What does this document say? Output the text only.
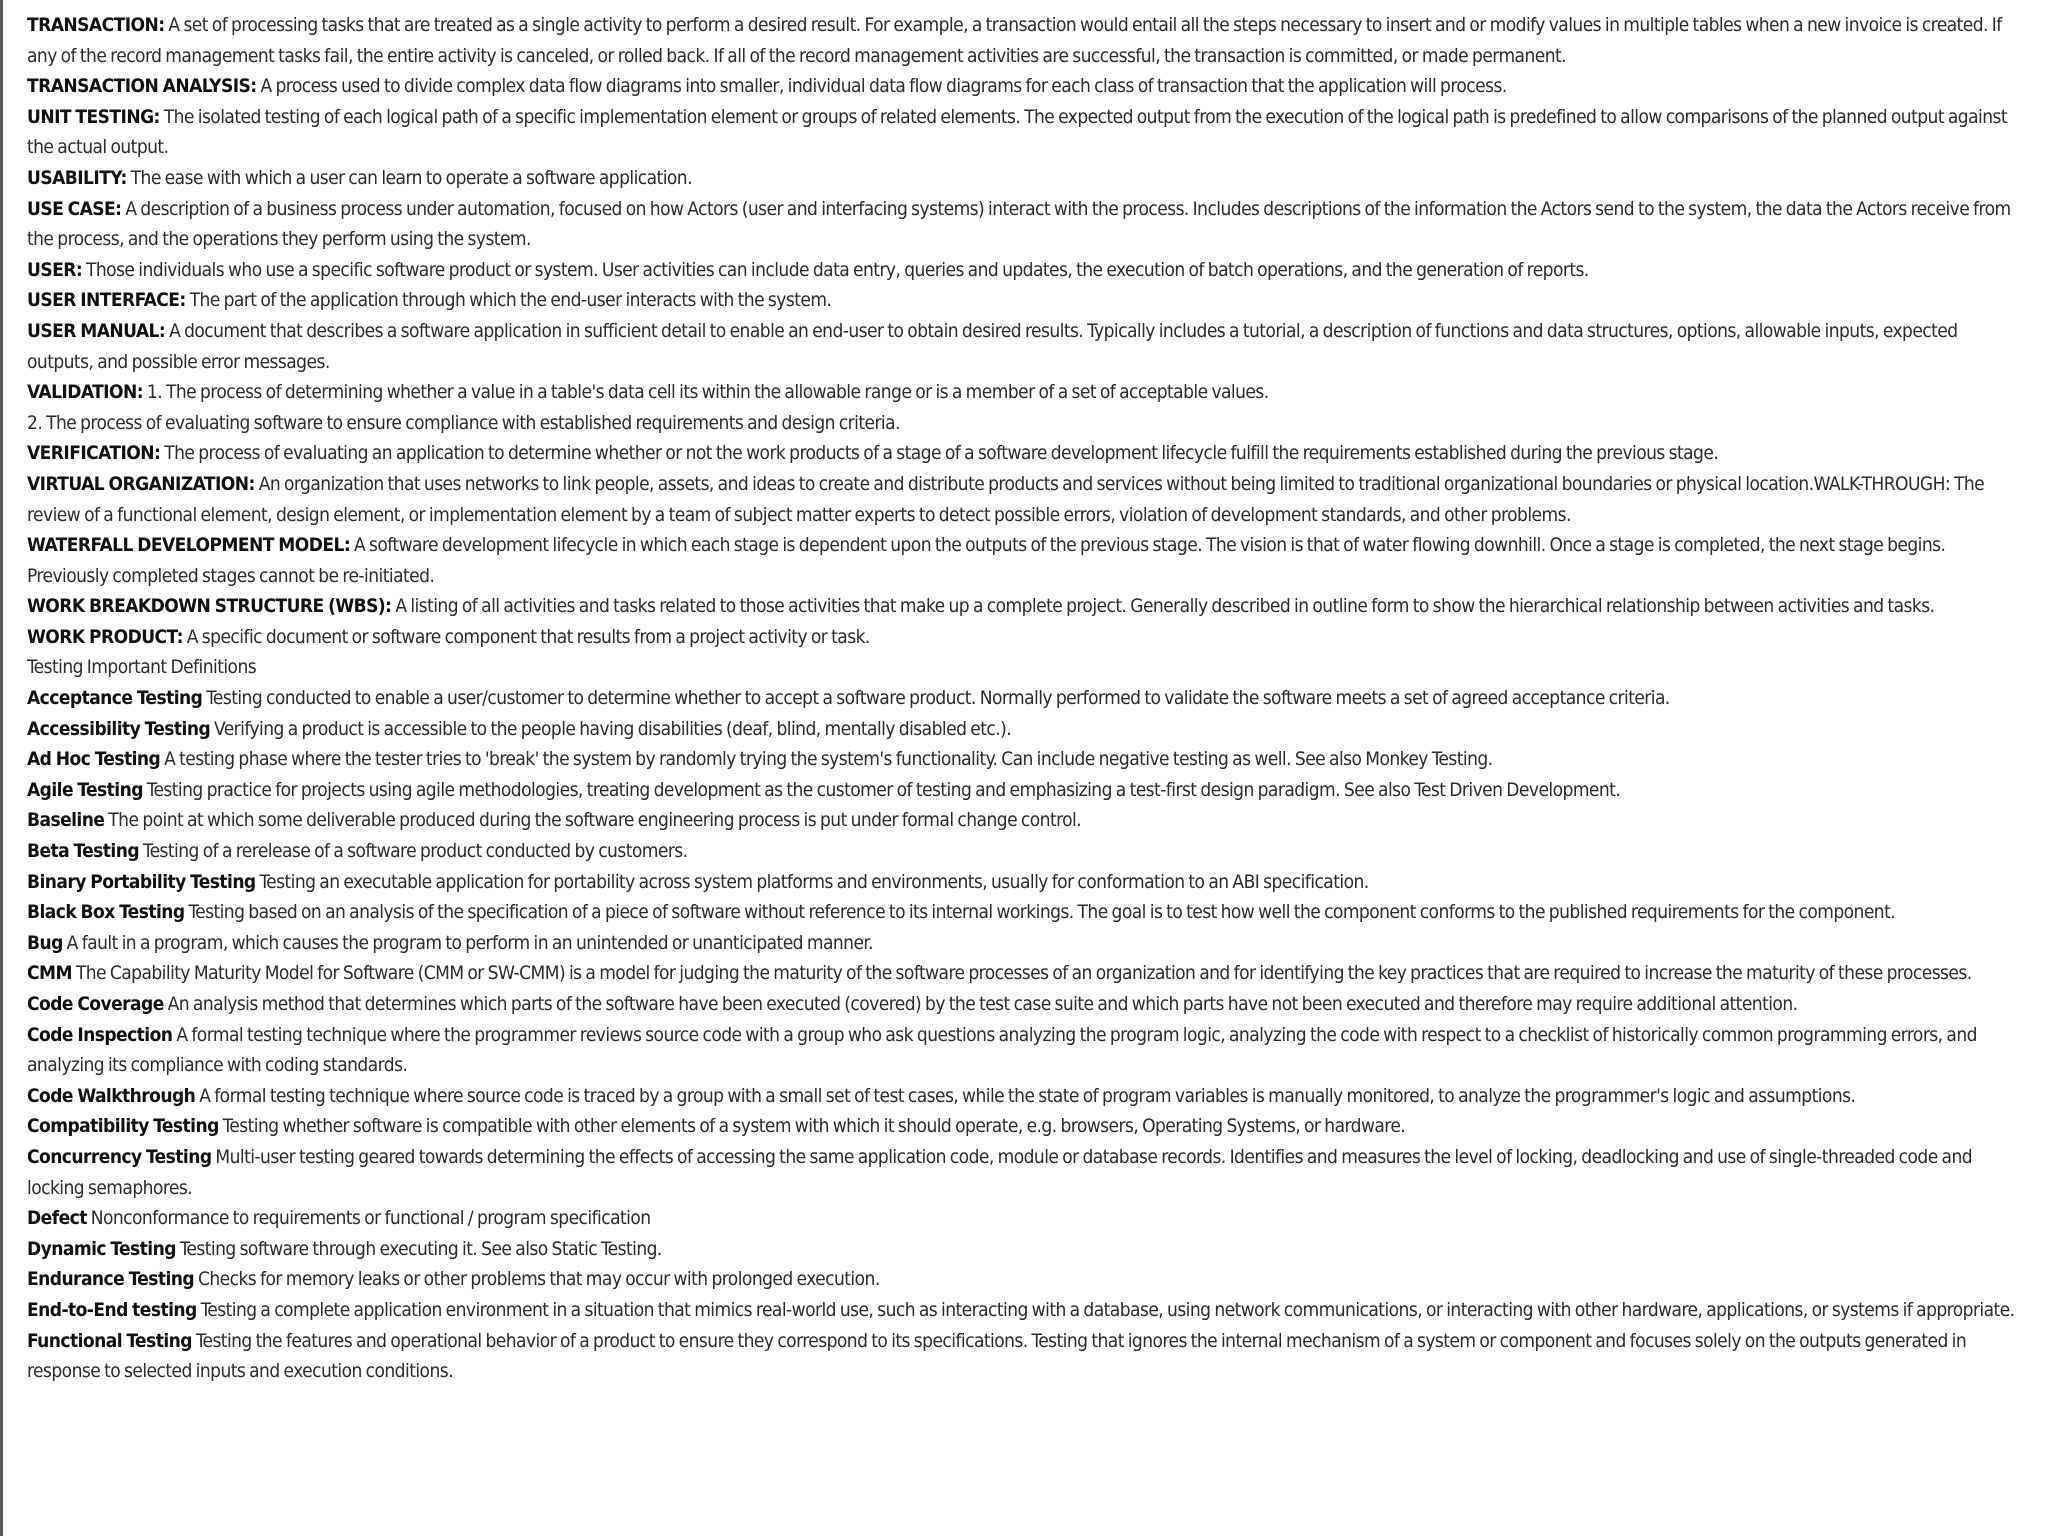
TRANSACTION: A set of processing tasks that are treated as a single activity to perform a desired result. For example, a transaction would entail all the steps necessary to insert and or modify values in multiple tables when a new invoice is created. If any of the record management tasks fail, the entire activity is canceled, or rolled back. If all of the record management activities are successful, the transaction is committed, or made permanent.
TRANSACTION ANALYSIS: A process used to divide complex data flow diagrams into smaller, individual data flow diagrams for each class of transaction that the application will process.
UNIT TESTING: The isolated testing of each logical path of a specific implementation element or groups of related elements. The expected output from the execution of the logical path is predefined to allow comparisons of the planned output against the actual output.
USABILITY: The ease with which a user can learn to operate a software application.
USE CASE: A description of a business process under automation, focused on how Actors (user and interfacing systems) interact with the process. Includes descriptions of the information the Actors send to the system, the data the Actors receive from the process, and the operations they perform using the system.
USER: Those individuals who use a specific software product or system. User activities can include data entry, queries and updates, the execution of batch operations, and the generation of reports.
USER INTERFACE: The part of the application through which the end-user interacts with the system.
USER MANUAL: A document that describes a software application in sufficient detail to enable an end-user to obtain desired results. Typically includes a tutorial, a description of functions and data structures, options, allowable inputs, expected outputs, and possible error messages.
VALIDATION: 1. The process of determining whether a value in a table's data cell its within the allowable range or is a member of a set of acceptable values.
2. The process of evaluating software to ensure compliance with established requirements and design criteria.
VERIFICATION: The process of evaluating an application to determine whether or not the work products of a stage of a software development lifecycle fulfill the requirements established during the previous stage.
VIRTUAL ORGANIZATION: An organization that uses networks to link people, assets, and ideas to create and distribute products and services without being limited to traditional organizational boundaries or physical location.WALK-THROUGH: The review of a functional element, design element, or implementation element by a team of subject matter experts to detect possible errors, violation of development standards, and other problems.
WATERFALL DEVELOPMENT MODEL: A software development lifecycle in which each stage is dependent upon the outputs of the previous stage. The vision is that of water flowing downhill. Once a stage is completed, the next stage begins. Previously completed stages cannot be re-initiated.
WORK BREAKDOWN STRUCTURE (WBS): A listing of all activities and tasks related to those activities that make up a complete project. Generally described in outline form to show the hierarchical relationship between activities and tasks.
WORK PRODUCT: A specific document or software component that results from a project activity or task.
Testing Important Definitions
Acceptance Testing Testing conducted to enable a user/customer to determine whether to accept a software product. Normally performed to validate the software meets a set of agreed acceptance criteria.
Accessibility Testing Verifying a product is accessible to the people having disabilities (deaf, blind, mentally disabled etc.).
Ad Hoc Testing A testing phase where the tester tries to 'break' the system by randomly trying the system's functionality. Can include negative testing as well. See also Monkey Testing.
Agile Testing Testing practice for projects using agile methodologies, treating development as the customer of testing and emphasizing a test-first design paradigm. See also Test Driven Development.
Baseline The point at which some deliverable produced during the software engineering process is put under formal change control.
Beta Testing Testing of a rerelease of a software product conducted by customers.
Binary Portability Testing Testing an executable application for portability across system platforms and environments, usually for conformation to an ABI specification.
Black Box Testing Testing based on an analysis of the specification of a piece of software without reference to its internal workings. The goal is to test how well the component conforms to the published requirements for the component.
Bug A fault in a program, which causes the program to perform in an unintended or unanticipated manner.
CMM The Capability Maturity Model for Software (CMM or SW-CMM) is a model for judging the maturity of the software processes of an organization and for identifying the key practices that are required to increase the maturity of these processes.
Code Coverage An analysis method that determines which parts of the software have been executed (covered) by the test case suite and which parts have not been executed and therefore may require additional attention.
Code Inspection A formal testing technique where the programmer reviews source code with a group who ask questions analyzing the program logic, analyzing the code with respect to a checklist of historically common programming errors, and analyzing its compliance with coding standards.
Code Walkthrough A formal testing technique where source code is traced by a group with a small set of test cases, while the state of program variables is manually monitored, to analyze the programmer's logic and assumptions.
Compatibility Testing Testing whether software is compatible with other elements of a system with which it should operate, e.g. browsers, Operating Systems, or hardware.
Concurrency Testing Multi-user testing geared towards determining the effects of accessing the same application code, module or database records. Identifies and measures the level of locking, deadlocking and use of single-threaded code and locking semaphores.
Defect Nonconformance to requirements or functional / program specification
Dynamic Testing Testing software through executing it. See also Static Testing.
Endurance Testing Checks for memory leaks or other problems that may occur with prolonged execution.
End-to-End testing Testing a complete application environment in a situation that mimics real-world use, such as interacting with a database, using network communications, or interacting with other hardware, applications, or systems if appropriate.
Functional Testing Testing the features and operational behavior of a product to ensure they correspond to its specifications. Testing that ignores the internal mechanism of a system or component and focuses solely on the outputs generated in response to selected inputs and execution conditions.
